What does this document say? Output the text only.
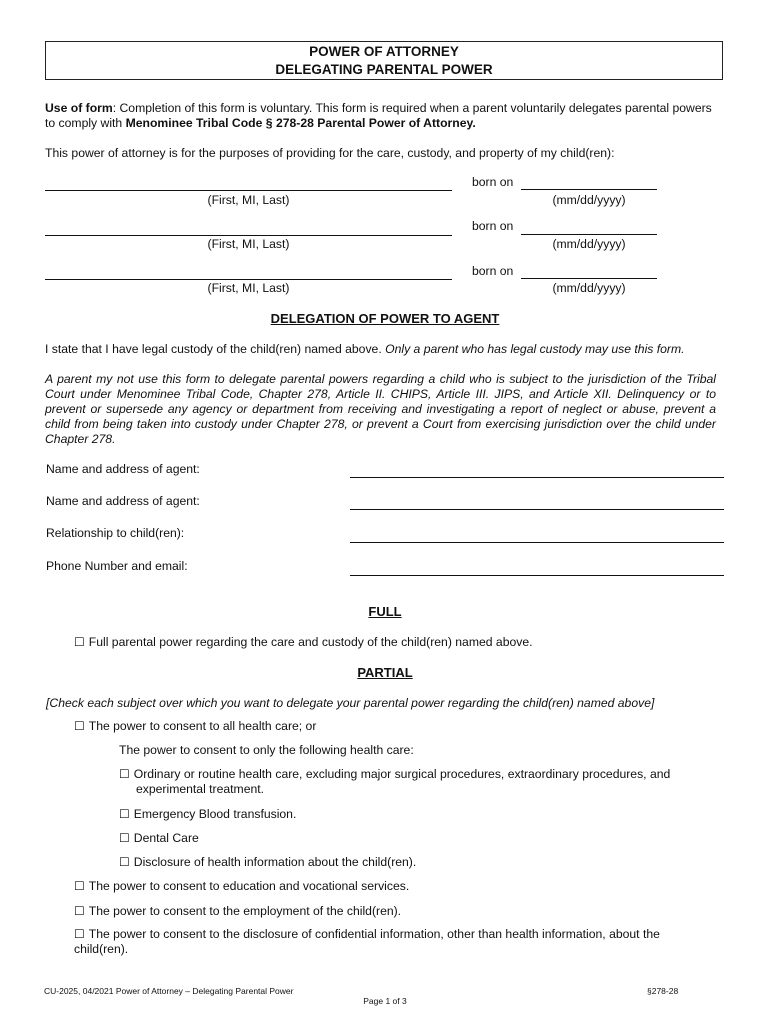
POWER OF ATTORNEY
DELEGATING PARENTAL POWER
Use of form: Completion of this form is voluntary. This form is required when a parent voluntarily delegates parental powers to comply with Menominee Tribal Code § 278-28 Parental Power of Attorney.
This power of attorney is for the purposes of providing for the care, custody, and property of my child(ren):
born on
(First, MI, Last)	(mm/dd/yyyy)
born on
(First, MI, Last)	(mm/dd/yyyy)
born on
(First, MI, Last)	(mm/dd/yyyy)
DELEGATION OF POWER TO AGENT
I state that I have legal custody of the child(ren) named above. Only a parent who has legal custody may use this form.
A parent my not use this form to delegate parental powers regarding a child who is subject to the jurisdiction of the Tribal Court under Menominee Tribal Code, Chapter 278, Article II. CHIPS, Article III. JIPS, and Article XII. Delinquency or to prevent or supersede any agency or department from receiving and investigating a report of neglect or abuse, prevent a child from being taken into custody under Chapter 278, or prevent a Court from exercising jurisdiction over the child under Chapter 278.
Name and address of agent:
Name and address of agent:
Relationship to child(ren):
Phone Number and email:
FULL
☐ Full parental power regarding the care and custody of the child(ren) named above.
PARTIAL
[Check each subject over which you want to delegate your parental power regarding the child(ren) named above]
☐ The power to consent to all health care; or
The power to consent to only the following health care:
☐ Ordinary or routine health care, excluding major surgical procedures, extraordinary procedures, and experimental treatment.
☐ Emergency Blood transfusion.
☐ Dental Care
☐ Disclosure of health information about the child(ren).
☐ The power to consent to education and vocational services.
☐ The power to consent to the employment of the child(ren).
☐ The power to consent to the disclosure of confidential information, other than health information, about the child(ren).
CU-2025, 04/2021 Power of Attorney – Delegating Parental Power	§278-28
Page 1 of 3
